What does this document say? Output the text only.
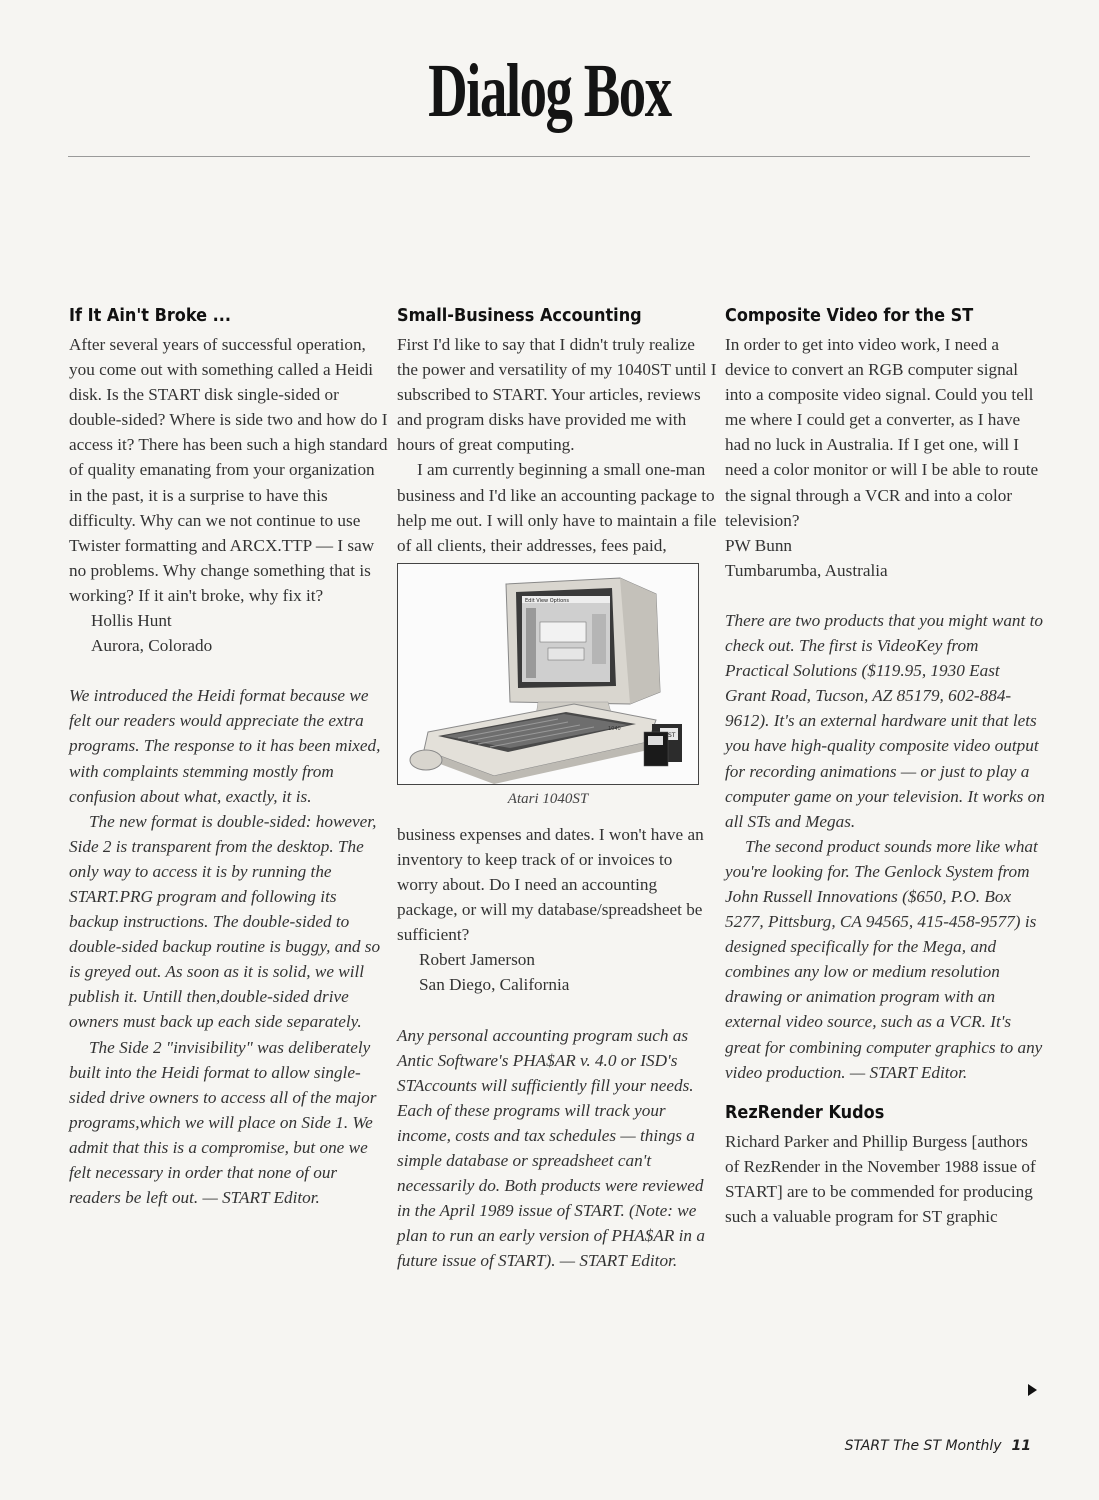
Dialog Box
If It Ain't Broke ...

After several years of successful operation, you come out with something called a Heidi disk. Is the START disk single-sided or double-sided? Where is side two and how do I access it? There has been such a high standard of quality emanating from your organization in the past, it is a surprise to have this difficulty. Why can we not continue to use Twister formatting and ARCX.TTP — I saw no problems. Why change something that is working? If it ain't broke, why fix it?

Hollis Hunt

Aurora, Colorado

We introduced the Heidi format because we felt our readers would appreciate the extra programs. The response to it has been mixed, with complaints stemming mostly from confusion about what, exactly, it is.

The new format is double-sided: however, Side 2 is transparent from the desktop. The only way to access it is by running the START.PRG program and following its backup instructions. The double-sided to double-sided backup routine is buggy, and so is greyed out. As soon as it is solid, we will publish it. Untill then,double-sided drive owners must back up each side separately.

The Side 2 "invisibility" was deliberately built into the Heidi format to allow single-sided drive owners to access all of the major programs,which we will place on Side 1. We admit that this is a compromise, but one we felt necessary in order that none of our readers be left out. — START Editor.

Small-Business Accounting

First I'd like to say that I didn't truly realize the power and versatility of my 1040ST until I subscribed to START. Your articles, reviews and program disks have provided me with hours of great computing.

I am currently beginning a small one-man business and I'd like an accounting package to help me out. I will only have to maintain a file of all clients, their addresses, fees paid,

Edit View Options
1040
ST
Atari 1040ST

business expenses and dates. I won't have an inventory to keep track of or invoices to worry about. Do I need an accounting package, or will my database/spreadsheet be sufficient?

Robert Jamerson

San Diego, California

Any personal accounting program such as Antic Software's PHA$AR v. 4.0 or ISD's STAccounts will sufficiently fill your needs. Each of these programs will track your income, costs and tax schedules — things a simple database or spreadsheet can't necessarily do. Both products were reviewed in the April 1989 issue of START. (Note: we plan to run an early version of PHA$AR in a future issue of START). — START Editor.

Composite Video for the ST

In order to get into video work, I need a device to convert an RGB computer signal into a composite video signal. Could you tell me where I could get a converter, as I have had no luck in Australia. If I get one, will I need a color monitor or will I be able to route the signal through a VCR and into a color television?

PW Bunn

Tumbarumba, Australia

There are two products that you might want to check out. The first is VideoKey from Practical Solutions ($119.95, 1930 East Grant Road, Tucson, AZ 85179, 602-884-9612). It's an external hardware unit that lets you have high-quality composite video output for recording animations — or just to play a computer game on your television. It works on all STs and Megas.

The second product sounds more like what you're looking for. The Genlock System from John Russell Innovations ($650, P.O. Box 5277, Pittsburg, CA 94565, 415-458-9577) is designed specifically for the Mega, and combines any low or medium resolution drawing or animation program with an external video source, such as a VCR. It's great for combining computer graphics to any video production. — START Editor.

RezRender Kudos

Richard Parker and Phillip Burgess [authors of RezRender in the November 1988 issue of START] are to be commended for producing such a valuable program for ST graphic

START The ST Monthly 11
